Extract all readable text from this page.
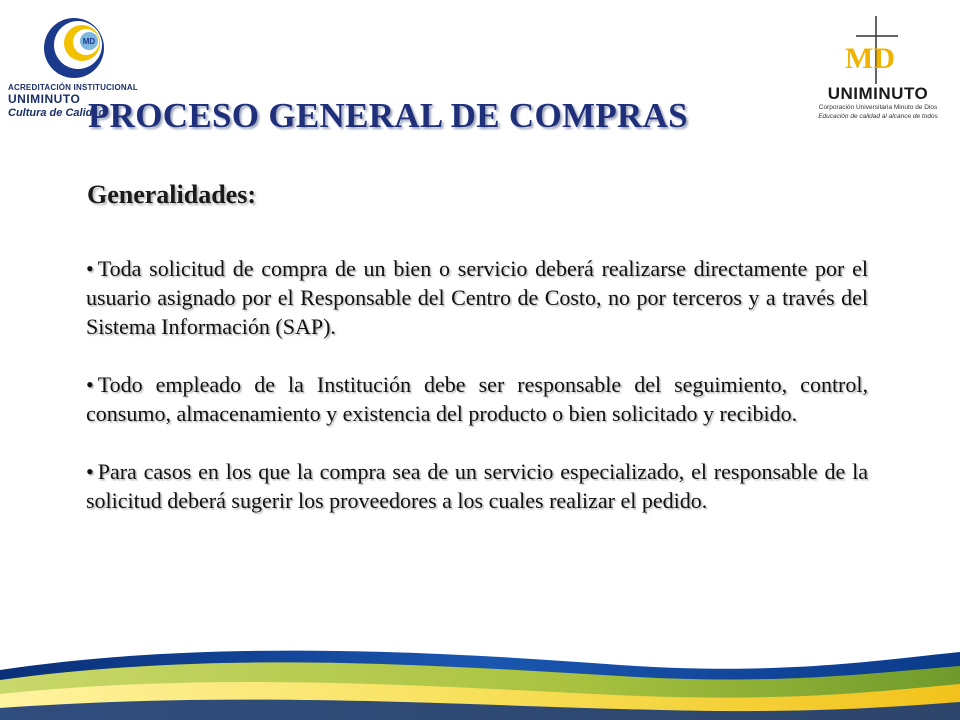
MD
ACREDITACIÓN INSTITUCIONAL
UNIMINUTO
Cultura de Calidad
MD
UNIMINUTO
Corporación Universitaria Minuto de Dios
Educación de calidad al alcance de todos
PROCESO GENERAL DE COMPRAS
Generalidades:

• Toda solicitud de compra de un bien o servicio deberá realizarse directamente por el usuario asignado por el Responsable del Centro de Costo, no por terceros y a través del Sistema Información (SAP).

• Todo empleado de la Institución debe ser responsable del seguimiento, control, consumo, almacenamiento y existencia del producto o bien solicitado y recibido.

• Para casos en los que la compra sea de un servicio especializado, el responsable de la solicitud deberá sugerir los proveedores a los cuales realizar el pedido.
